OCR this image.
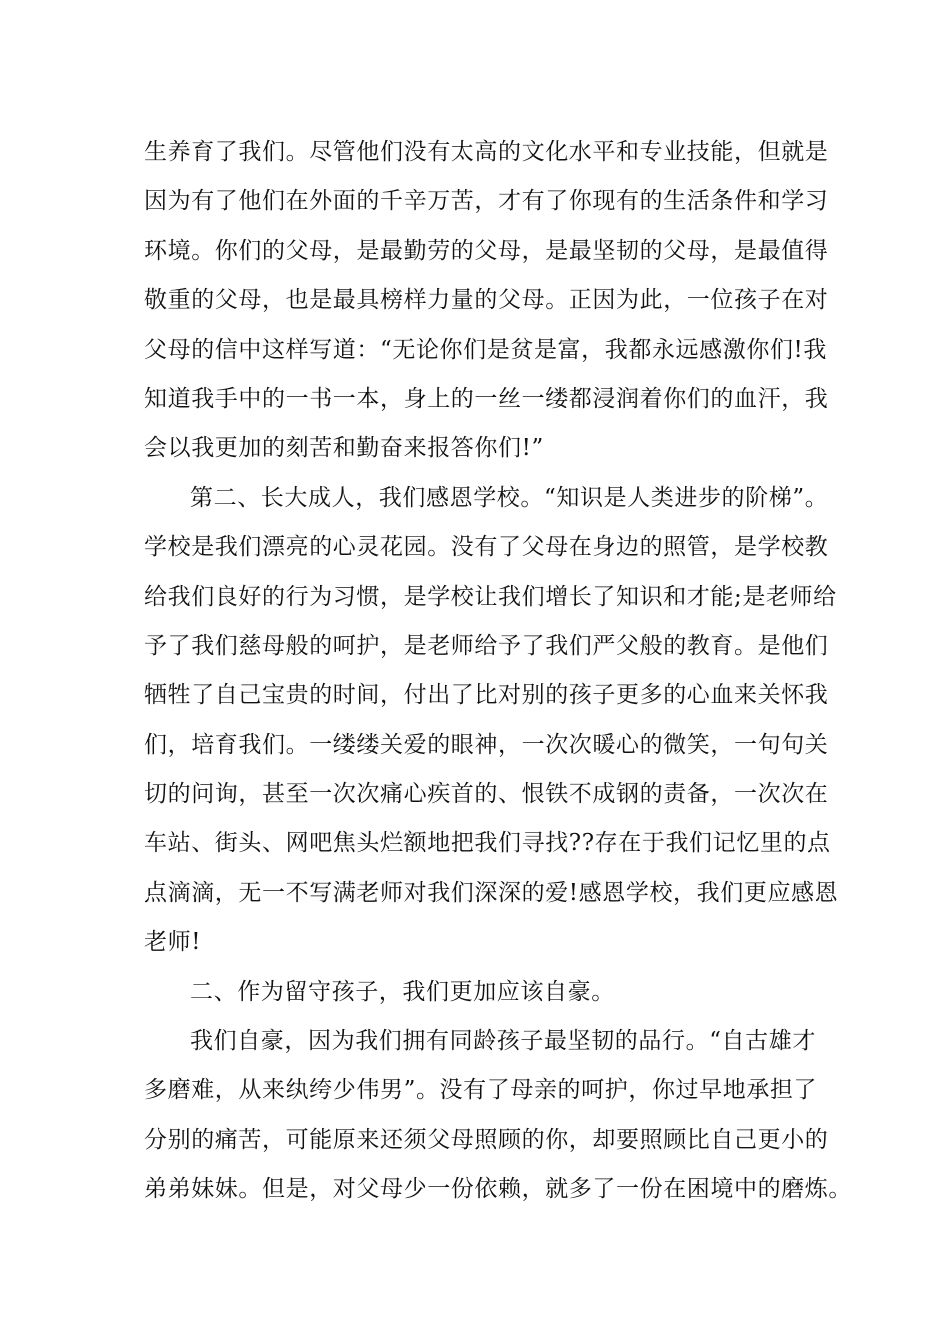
生养育了我们。尽管他们没有太高的文化水平和专业技能，但就是
因为有了他们在外面的千辛万苦，才有了你现有的生活条件和学习
环境。你们的父母，是最勤劳的父母，是最坚韧的父母，是最值得
敬重的父母，也是最具榜样力量的父母。正因为此，一位孩子在对
父母的信中这样写道：“无论你们是贫是富，我都永远感激你们!我
知道我手中的一书一本，身上的一丝一缕都浸润着你们的血汗，我
会以我更加的刻苦和勤奋来报答你们!”
第二、长大成人，我们感恩学校。“知识是人类进步的阶梯”。
学校是我们漂亮的心灵花园。没有了父母在身边的照管，是学校教
给我们良好的行为习惯，是学校让我们增长了知识和才能;是老师给
予了我们慈母般的呵护，是老师给予了我们严父般的教育。是他们
牺牲了自己宝贵的时间，付出了比对别的孩子更多的心血来关怀我
们，培育我们。一缕缕关爱的眼神，一次次暖心的微笑，一句句关
切的问询，甚至一次次痛心疾首的、恨铁不成钢的责备，一次次在
车站、街头、网吧焦头烂额地把我们寻找??存在于我们记忆里的点
点滴滴，无一不写满老师对我们深深的爱!感恩学校，我们更应感恩
老师!
二、作为留守孩子，我们更加应该自豪。
我们自豪，因为我们拥有同龄孩子最坚韧的品行。“自古雄才
多磨难，从来纨绔少伟男”。没有了母亲的呵护，你过早地承担了
分别的痛苦，可能原来还须父母照顾的你，却要照顾比自己更小的
弟弟妹妹。但是，对父母少一份依赖，就多了一份在困境中的磨炼。
